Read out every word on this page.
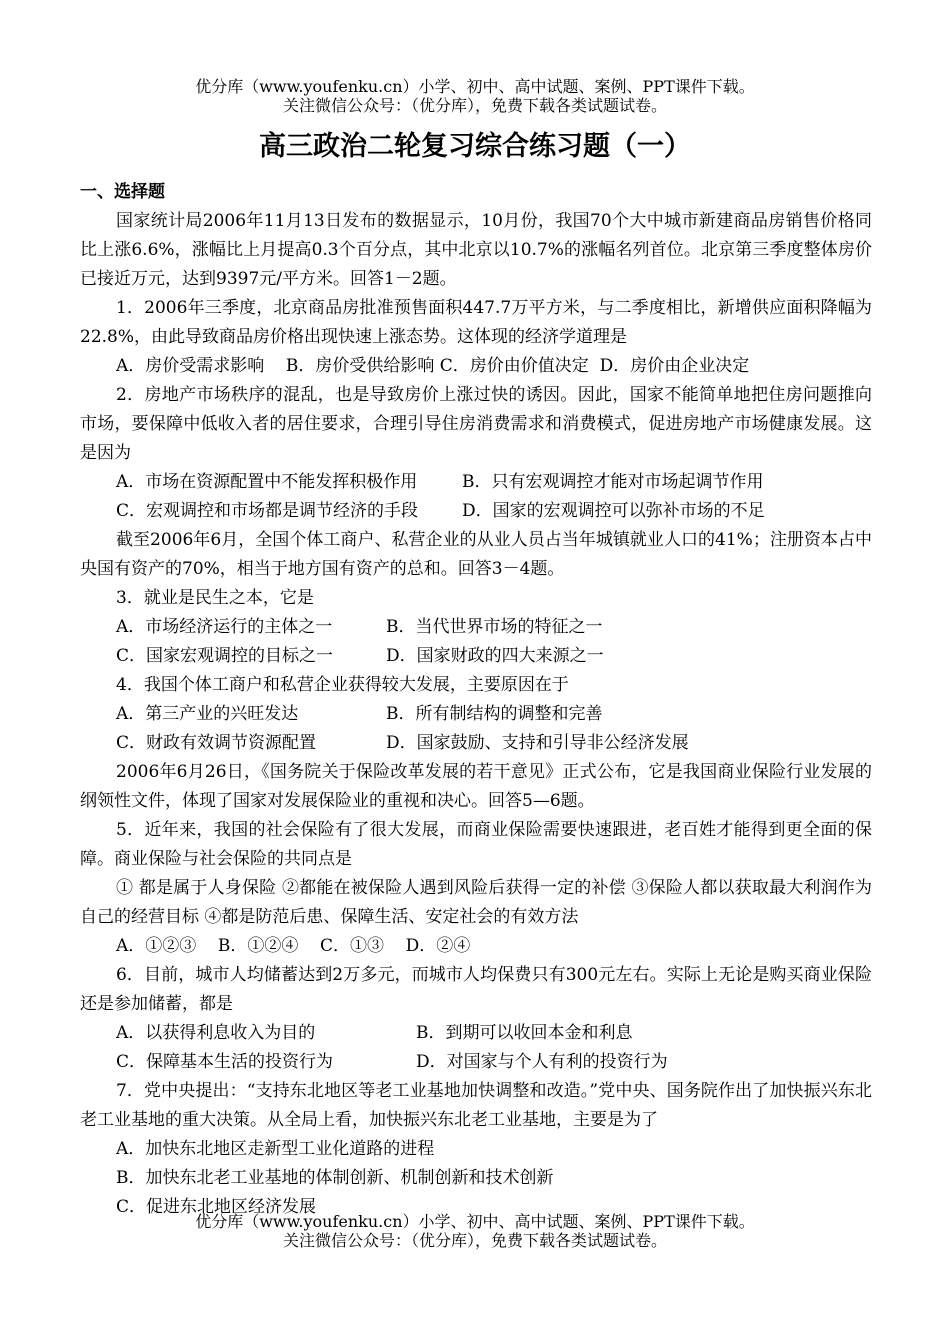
优分库（www.youfenku.cn）小学、初中、高中试题、案例、PPT课件下载。
关注微信公众号：（优分库），免费下载各类试题试卷。
高三政治二轮复习综合练习题（一）

一、选择题

国家统计局2006年11月13日发布的数据显示，10月份，我国70个大中城市新建商品房销售价格同比上涨6.6%，涨幅比上月提高0.3个百分点，其中北京以10.7%的涨幅名列首位。北京第三季度整体房价已接近万元，达到9397元/平方米。回答1－2题。

1．2006年三季度，北京商品房批准预售面积447.7万平方米，与二季度相比，新增供应面积降幅为22.8%，由此导致商品房价格出现快速上涨态势。这体现的经济学道理是

A．房价受需求影响    B．房价受供给影响 C．房价由价值决定  D．房价由企业决定

2．房地产市场秩序的混乱，也是导致房价上涨过快的诱因。因此，国家不能简单地把住房问题推向市场，要保障中低收入者的居住要求，合理引导住房消费需求和消费模式，促进房地产市场健康发展。这是因为

A．市场在资源配置中不能发挥积极作用	B．只有宏观调控才能对市场起调节作用

C．宏观调控和市场都是调节经济的手段	D．国家的宏观调控可以弥补市场的不足

截至2006年6月，全国个体工商户、私营企业的从业人员占当年城镇就业人口的41%；注册资本占中央国有资产的70%，相当于地方国有资产的总和。回答3－4题。

3．就业是民生之本，它是

A．市场经济运行的主体之一	B．当代世界市场的特征之一

C．国家宏观调控的目标之一	D．国家财政的四大来源之一

4．我国个体工商户和私营企业获得较大发展，主要原因在于

A．第三产业的兴旺发达	B．所有制结构的调整和完善

C．财政有效调节资源配置	D．国家鼓励、支持和引导非公经济发展

2006年6月26日，《国务院关于保险改革发展的若干意见》正式公布，它是我国商业保险行业发展的纲领性文件，体现了国家对发展保险业的重视和决心。回答5—6题。

5．近年来，我国的社会保险有了很大发展，而商业保险需要快速跟进，老百姓才能得到更全面的保障。商业保险与社会保险的共同点是

① 都是属于人身保险 ②都能在被保险人遇到风险后获得一定的补偿 ③保险人都以获取最大利润作为自己的经营目标 ④都是防范后患、保障生活、安定社会的有效方法

A．①②③    B．①②④    C．①③    D．②④

6．目前，城市人均储蓄达到2万多元，而城市人均保费只有300元左右。实际上无论是购买商业保险还是参加储蓄，都是

A．以获得利息收入为目的	B．到期可以收回本金和利息

C．保障基本生活的投资行为	D．对国家与个人有利的投资行为

7．党中央提出：“支持东北地区等老工业基地加快调整和改造。”党中央、国务院作出了加快振兴东北老工业基地的重大决策。从全局上看，加快振兴东北老工业基地，主要是为了

A．加快东北地区走新型工业化道路的进程

B．加快东北老工业基地的体制创新、机制创新和技术创新

C．促进东北地区经济发展

优分库（www.youfenku.cn）小学、初中、高中试题、案例、PPT课件下载。
关注微信公众号：（优分库），免费下载各类试题试卷。
